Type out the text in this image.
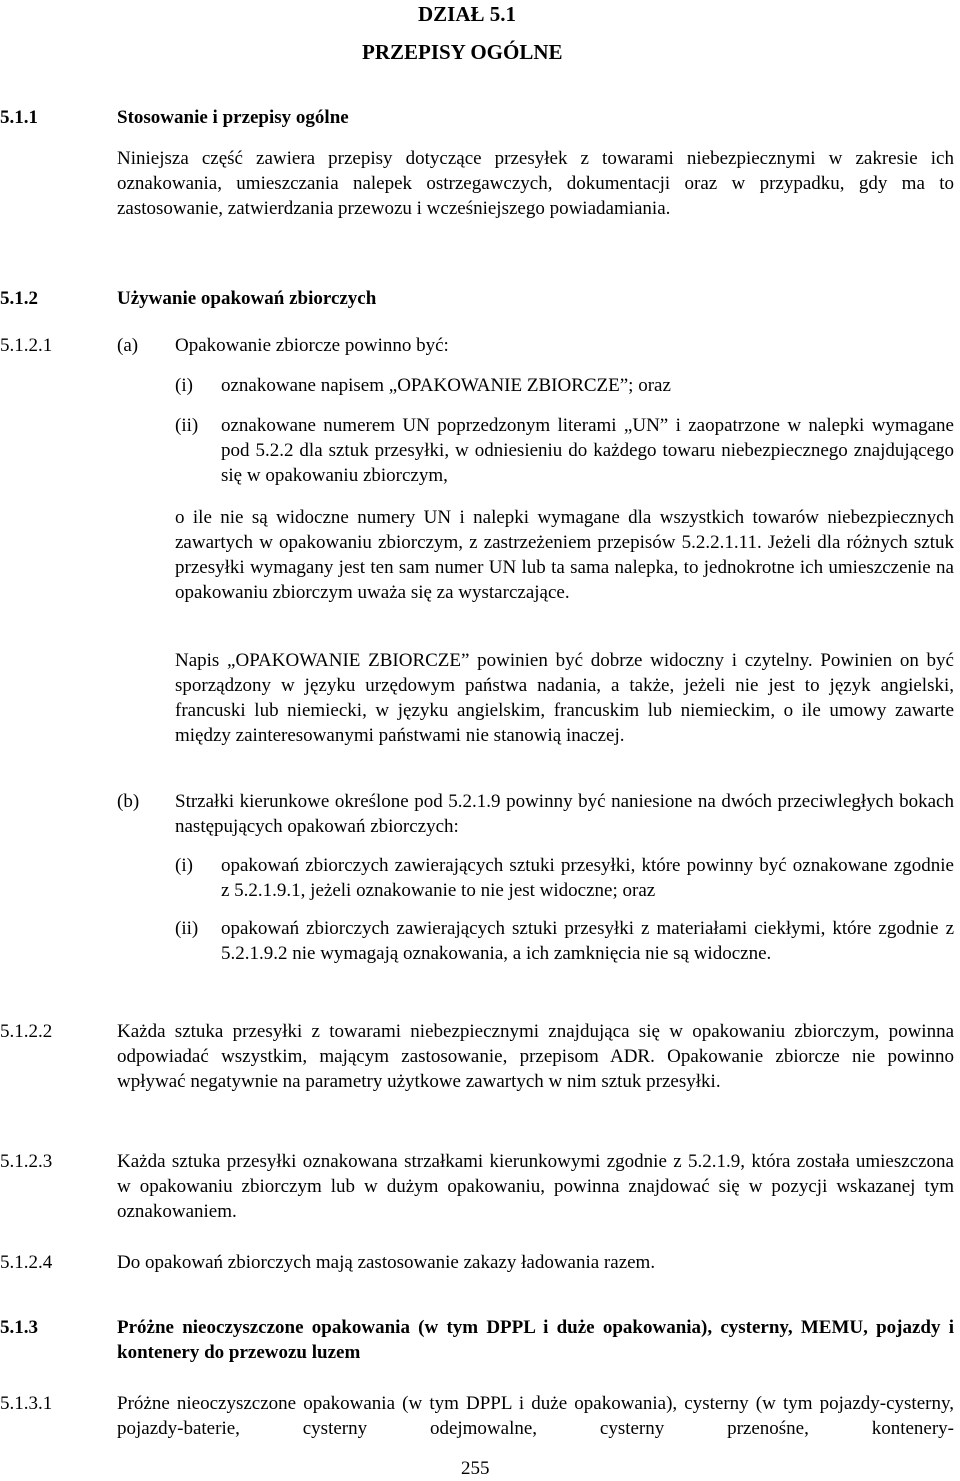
DZIAŁ 5.1
PRZEPISY OGÓLNE
5.1.1	Stosowanie i przepisy ogólne
Niniejsza część zawiera przepisy dotyczące przesyłek z towarami niebezpiecznymi w zakresie ich oznakowania, umieszczania nalepek ostrzegawczych, dokumentacji oraz w przypadku, gdy ma to zastosowanie, zatwierdzania przewozu i wcześniejszego powiadamiania.
5.1.2	Używanie opakowań zbiorczych
5.1.2.1	(a) Opakowanie zbiorcze powinno być:
(i) oznakowane napisem „OPAKOWANIE ZBIORCZE”; oraz
(ii) oznakowane numerem UN poprzedzonym literami „UN” i zaopatrzone w nalepki wymagane pod 5.2.2 dla sztuk przesyłki, w odniesieniu do każdego towaru niebezpiecznego znajdującego się w opakowaniu zbiorczym,
o ile nie są widoczne numery UN i nalepki wymagane dla wszystkich towarów niebezpiecznych zawartych w opakowaniu zbiorczym, z zastrzeżeniem przepisów 5.2.2.1.11. Jeżeli dla różnych sztuk przesyłki wymagany jest ten sam numer UN lub ta sama nalepka, to jednokrotne ich umieszczenie na opakowaniu zbiorczym uważa się za wystarczające.
Napis „OPAKOWANIE ZBIORCZE” powinien być dobrze widoczny i czytelny. Powinien on być sporządzony w języku urzędowym państwa nadania, a także, jeżeli nie jest to język angielski, francuski lub niemiecki, w języku angielskim, francuskim lub niemieckim, o ile umowy zawarte między zainteresowanymi państwami nie stanowią inaczej.
(b) Strzałki kierunkowe określone pod 5.2.1.9 powinny być naniesione na dwóch przeciwległych bokach następujących opakowań zbiorczych:
(i) opakowań zbiorczych zawierających sztuki przesyłki, które powinny być oznakowane zgodnie z 5.2.1.9.1, jeżeli oznakowanie to nie jest widoczne; oraz
(ii) opakowań zbiorczych zawierających sztuki przesyłki z materiałami ciekłymi, które zgodnie z 5.2.1.9.2 nie wymagają oznakowania, a ich zamknięcia nie są widoczne.
5.1.2.2	Każda sztuka przesyłki z towarami niebezpiecznymi znajdująca się w opakowaniu zbiorczym, powinna odpowiadać wszystkim, mającym zastosowanie, przepisom ADR. Opakowanie zbiorcze nie powinno wpływać negatywnie na parametry użytkowe zawartych w nim sztuk przesyłki.
5.1.2.3	Każda sztuka przesyłki oznakowana strzałkami kierunkowymi zgodnie z 5.2.1.9, która została umieszczona w opakowaniu zbiorczym lub w dużym opakowaniu, powinna znajdować się w pozycji wskazanej tym oznakowaniem.
5.1.2.4	Do opakowań zbiorczych mają zastosowanie zakazy ładowania razem.
5.1.3	Próżne nieoczyszczone opakowania (w tym DPPL i duże opakowania), cysterny, MEMU, pojazdy i kontenery do przewozu luzem
5.1.3.1	Próżne nieoczyszczone opakowania (w tym DPPL i duże opakowania), cysterny (w tym pojazdy-cysterny, pojazdy-baterie, cysterny odejmowalne, cysterny przenośne, kontenery-
255
